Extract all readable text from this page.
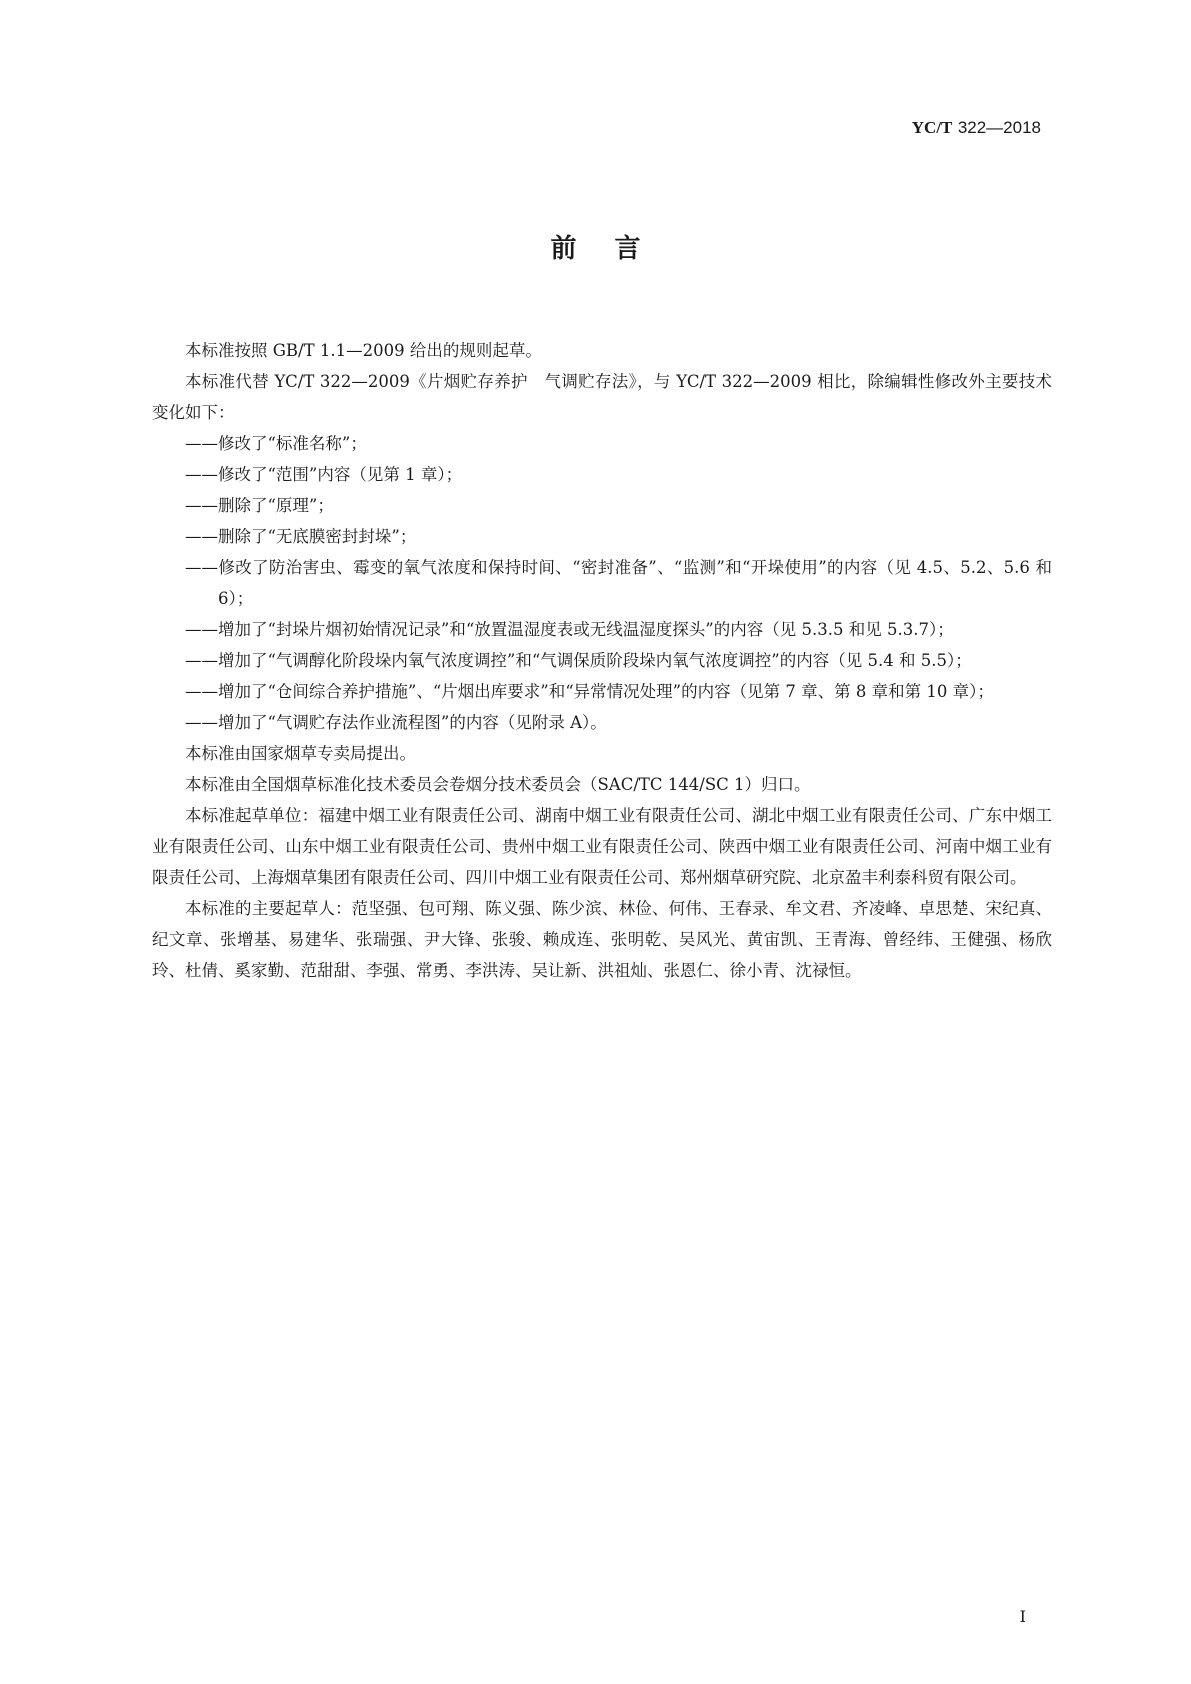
YC/T 322—2018
前言
本标准按照 GB/T 1.1—2009 给出的规则起草。
本标准代替 YC/T 322—2009《片烟贮存养护　气调贮存法》，与 YC/T 322—2009 相比，除编辑性修改外主要技术变化如下：
——修改了“标准名称”；
——修改了“范围”内容（见第 1 章）；
——删除了“原理”；
——删除了“无底膜密封封垛”；
——修改了防治害虫、霉变的氧气浓度和保持时间、“密封准备”、“监测”和“开垛使用”的内容（见 4.5、5.2、5.6 和 6）；
——增加了“封垛片烟初始情况记录”和“放置温湿度表或无线温湿度探头”的内容（见 5.3.5 和见 5.3.7）；
——增加了“气调醇化阶段垛内氧气浓度调控”和“气调保质阶段垛内氧气浓度调控”的内容（见 5.4 和 5.5）；
——增加了“仓间综合养护措施”、“片烟出库要求”和“异常情况处理”的内容（见第 7 章、第 8 章和第 10 章）；
——增加了“气调贮存法作业流程图”的内容（见附录 A）。
本标准由国家烟草专卖局提出。
本标准由全国烟草标准化技术委员会卷烟分技术委员会（SAC/TC 144/SC 1）归口。
本标准起草单位：福建中烟工业有限责任公司、湖南中烟工业有限责任公司、湖北中烟工业有限责任公司、广东中烟工业有限责任公司、山东中烟工业有限责任公司、贵州中烟工业有限责任公司、陕西中烟工业有限责任公司、河南中烟工业有限责任公司、上海烟草集团有限责任公司、四川中烟工业有限责任公司、郑州烟草研究院、北京盈丰利泰科贸有限公司。
本标准的主要起草人：范坚强、包可翔、陈义强、陈少滨、林俭、何伟、王春录、牟文君、齐凌峰、卓思楚、宋纪真、纪文章、张增基、易建华、张瑞强、尹大锋、张骏、赖成连、张明乾、吴风光、黄宙凯、王青海、曾经纬、王健强、杨欣玲、杜倩、奚家勤、范甜甜、李强、常勇、李洪涛、吴让新、洪祖灿、张恩仁、徐小青、沈禄恒。
I
